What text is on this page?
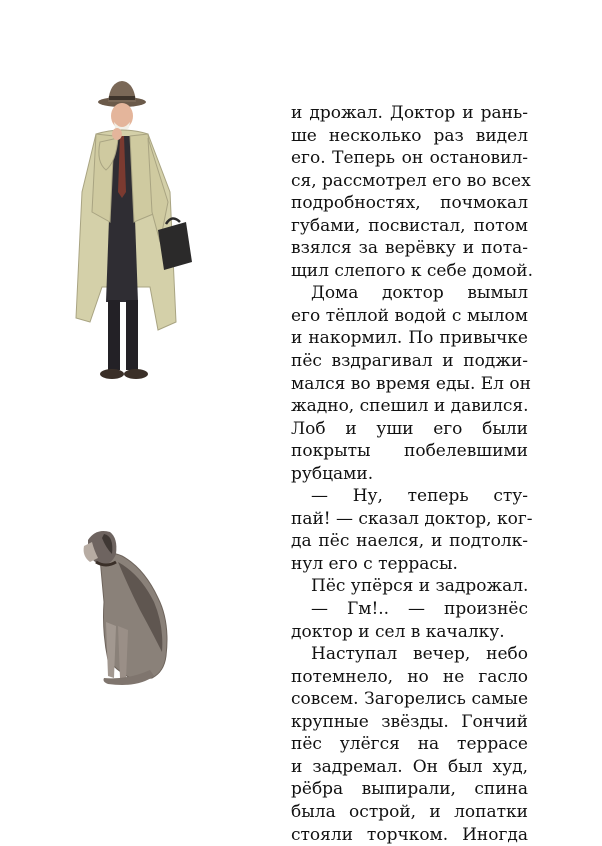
и дрожал. Доктор и рань-
ше несколько раз видел
его. Теперь он остановил-
ся, рассмотрел его во всех
подробностях, почмокал
губами, посвистал, потом
взялся за верёвку и пота-
щил слепого к себе домой.
Дома доктор вымыл
его тёплой водой с мылом
и накормил. По привычке
пёс вздрагивал и поджи-
мался во время еды. Ел он
жадно, спешил и давился.
Лоб и уши его были
покрыты побелевшими
рубцами.
— Ну, теперь сту-
пай! — сказал доктор, ког-
да пёс наелся, и подтолк-
нул его с террасы.
Пёс упёрся и задрожал.
— Гм!.. — произнёс
доктор и сел в качалку.
Наступал вечер, небо
потемнело, но не гасло
совсем. Загорелись самые
крупные звёзды. Гончий
пёс улёгся на террасе
и задремал. Он был худ,
рёбра выпирали, спина
была острой, и лопатки
стояли торчком. Иногда
